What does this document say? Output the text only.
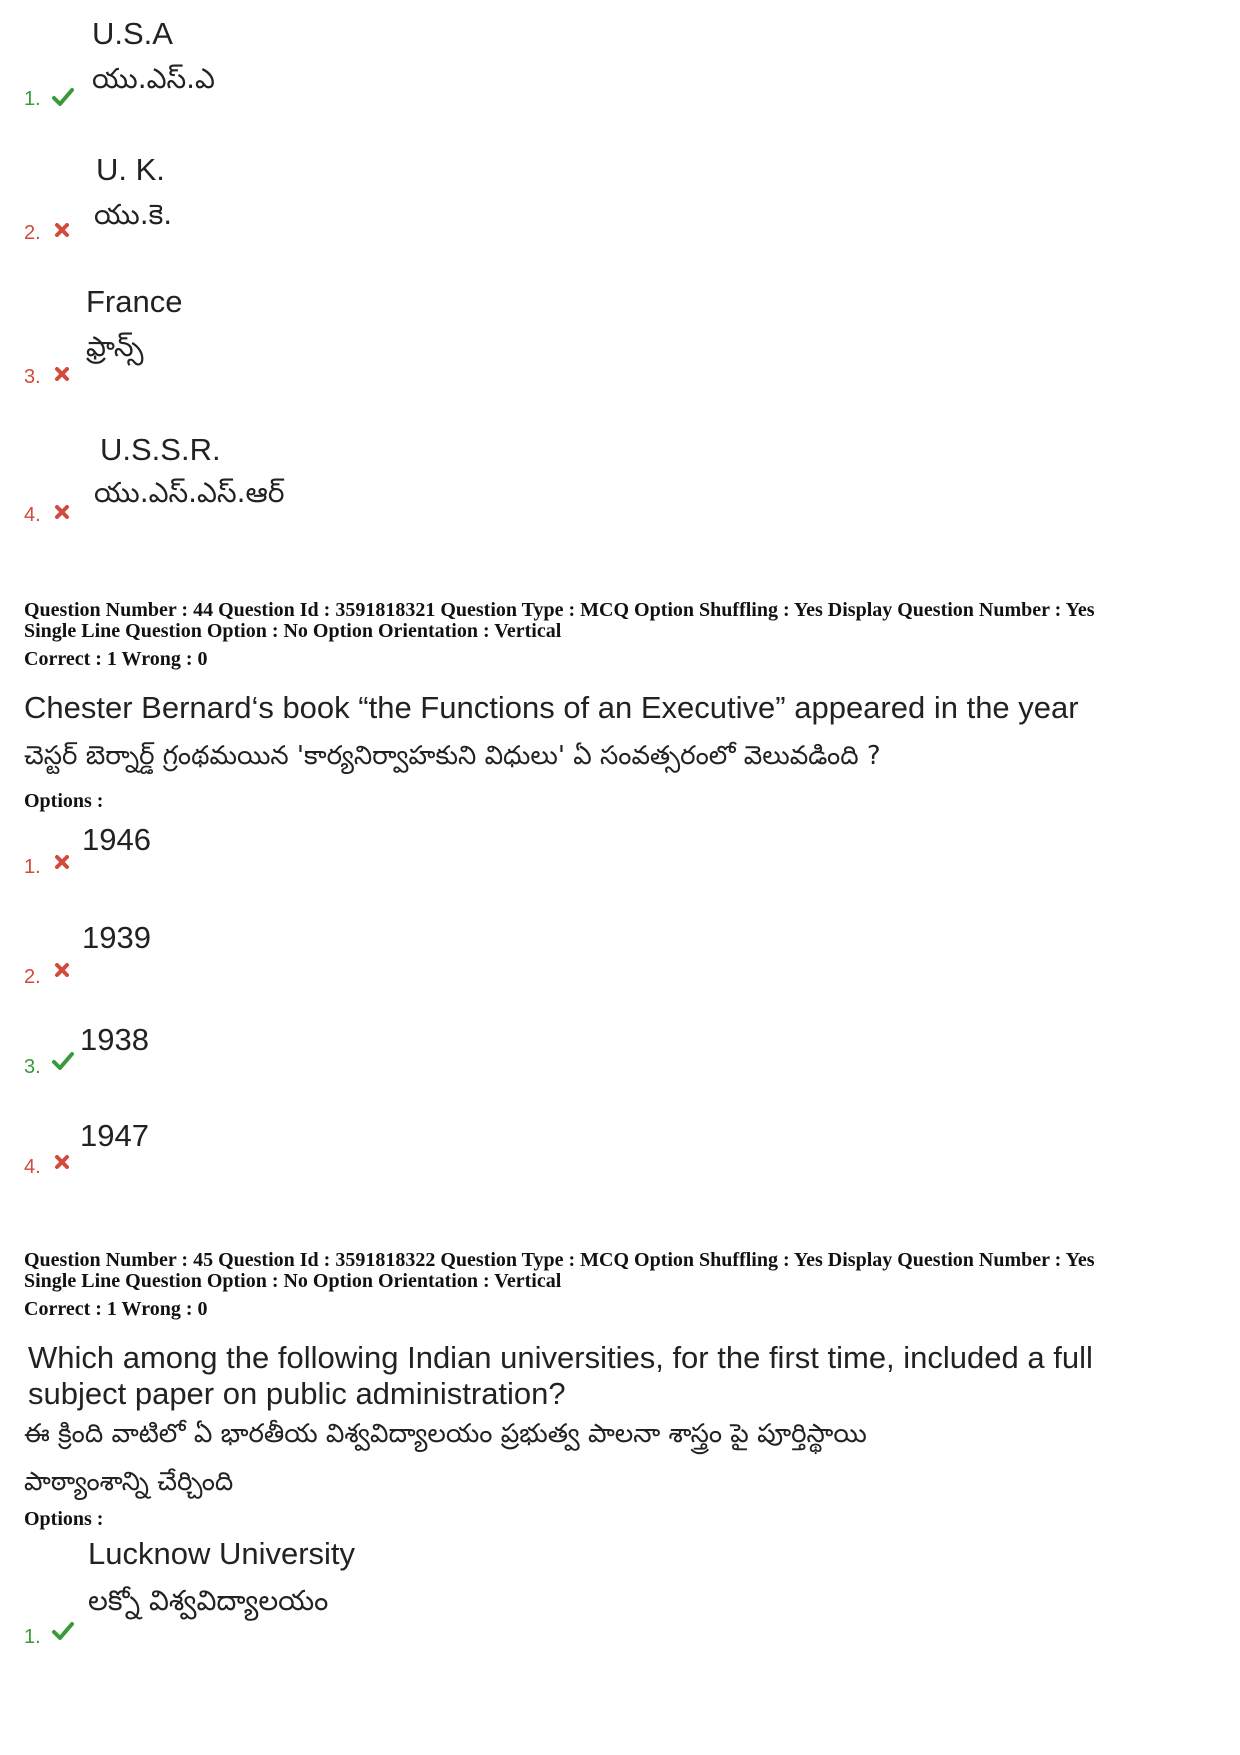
U.S.A
యు.ఎస్.ఎ
1.
U. K.
యు.కె.
2.
France
ఫ్రాన్స్
3.
U.S.S.R.
యు.ఎస్.ఎస్.ఆర్
4.
Question Number : 44 Question Id : 3591818321 Question Type : MCQ Option Shuffling : Yes Display Question Number : Yes
Single Line Question Option : No Option Orientation : Vertical
Correct : 1 Wrong : 0
Chester Bernard‘s book “the Functions of an Executive” appeared in the year
చెస్టర్ బెర్నార్డ్ గ్రంథమయిన 'కార్యనిర్వాహకుని విధులు' ఏ సంవత్సరంలో వెలువడింది ?
Options :
1946
1.
1939
2.
1938
3.
1947
4.
Question Number : 45 Question Id : 3591818322 Question Type : MCQ Option Shuffling : Yes Display Question Number : Yes
Single Line Question Option : No Option Orientation : Vertical
Correct : 1 Wrong : 0
Which among the following Indian universities, for the first time, included a full
subject paper on public administration?
ఈ క్రింది వాటిలో ఏ భారతీయ విశ్వవిద్యాలయం ప్రభుత్వ పాలనా శాస్త్రం పై పూర్తిస్థాయి
పాఠ్యాంశాన్ని చేర్చింది
Options :
Lucknow University
లక్నో విశ్వవిద్యాలయం
1.
